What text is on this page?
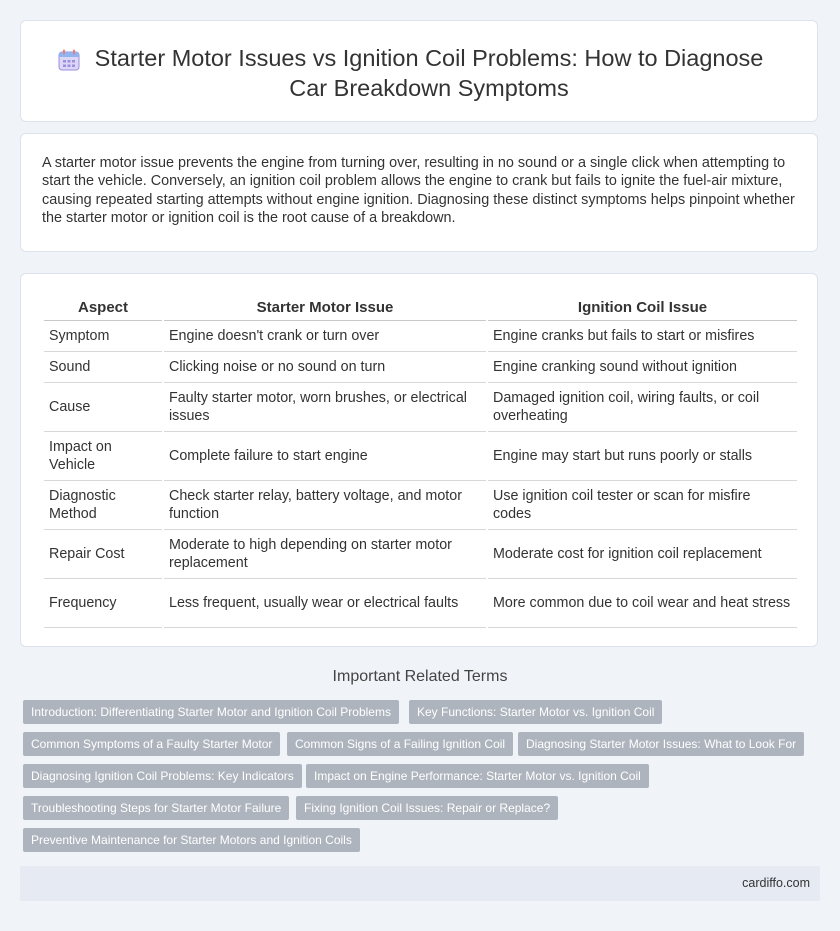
Starter Motor Issues vs Ignition Coil Problems: How to Diagnose Car Breakdown Symptoms

A starter motor issue prevents the engine from turning over, resulting in no sound or a single click when attempting to start the vehicle. Conversely, an ignition coil problem allows the engine to crank but fails to ignite the fuel-air mixture, causing repeated starting attempts without engine ignition. Diagnosing these distinct symptoms helps pinpoint whether the starter motor or ignition coil is the root cause of a breakdown.

Aspect	Starter Motor Issue	Ignition Coil Issue
Symptom	Engine doesn't crank or turn over	Engine cranks but fails to start or misfires
Sound	Clicking noise or no sound on turn	Engine cranking sound without ignition
Cause	Faulty starter motor, worn brushes, or electrical issues	Damaged ignition coil, wiring faults, or coil overheating
Impact on Vehicle	Complete failure to start engine	Engine may start but runs poorly or stalls
Diagnostic Method	Check starter relay, battery voltage, and motor function	Use ignition coil tester or scan for misfire codes
Repair Cost	Moderate to high depending on starter motor replacement	Moderate cost for ignition coil replacement
Frequency	Less frequent, usually wear or electrical faults	More common due to coil wear and heat stress
Important Related Terms
Introduction: Differentiating Starter Motor and Ignition Coil Problems	Key Functions: Starter Motor vs. Ignition Coil
Common Symptoms of a Faulty Starter Motor	Common Signs of a Failing Ignition Coil	Diagnosing Starter Motor Issues: What to Look For
Diagnosing Ignition Coil Problems: Key Indicators	Impact on Engine Performance: Starter Motor vs. Ignition Coil
Troubleshooting Steps for Starter Motor Failure	Fixing Ignition Coil Issues: Repair or Replace?
Preventive Maintenance for Starter Motors and Ignition Coils
cardiffo.com
